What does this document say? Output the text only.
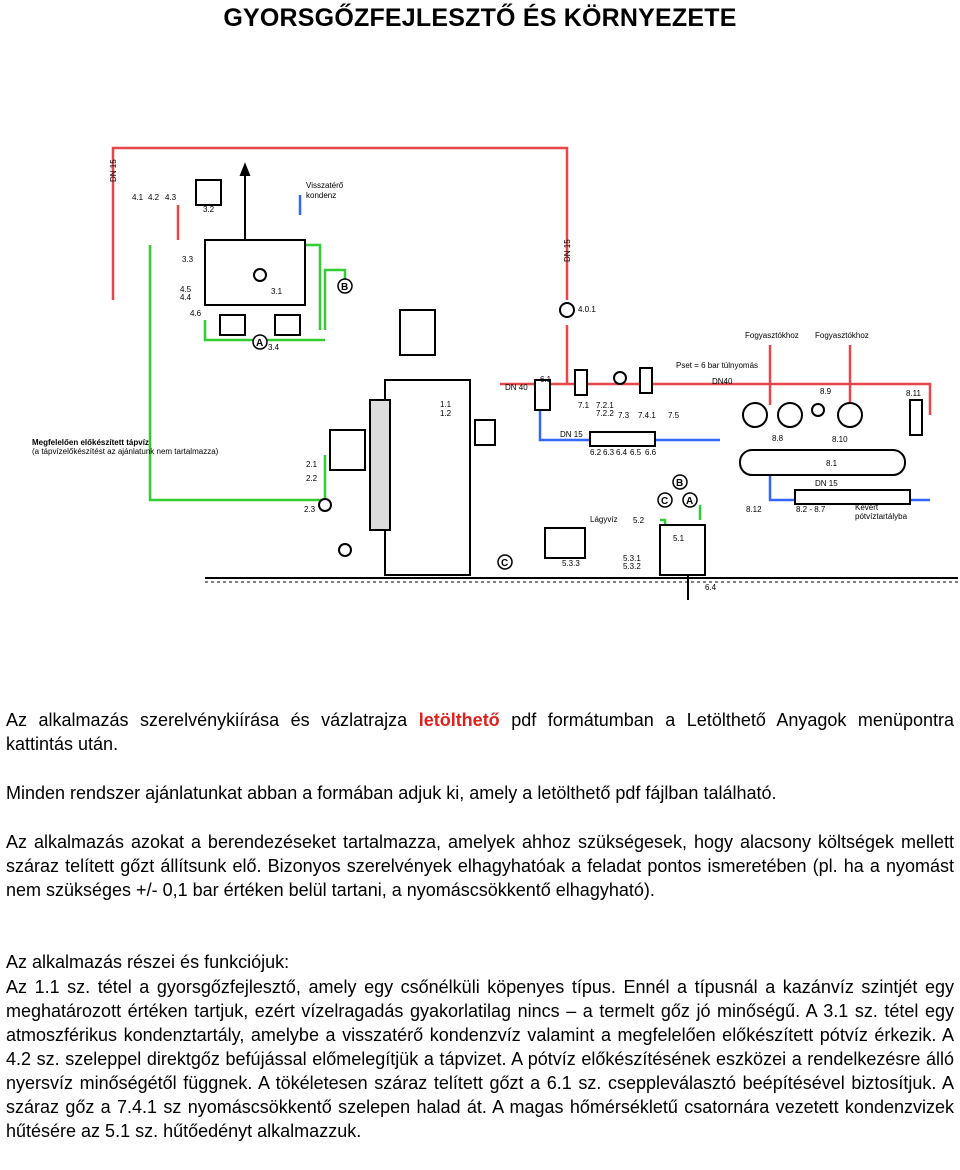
GYORSGŐZFEJLESZTŐ ÉS KÖRNYEZETE
B
A
C
C
B
A
DN 15
DN 15
4.1 4.2 4.3
3.2
3.3
3.1
3.4
4.5
4.4
4.6
Visszatérő
kondenz
4.0.1
Fogyasztókhoz Fogyasztókhoz
Pset = 6 bar túlnyomás
DN 40
DN40
6.1
7.1 7.2.1
7.2.2 7.3 7.4.1 7.5
1.1
1.2
8.9	8.11
8.8	8.10
8.1
DN 15
6.2 6.3 6.4 6.5 6.6
DN 15
8.12	8.2 - 8.7	Kevert
pótvíztartályba
Megfelelően előkészített tápvíz
(a tápvízelőkészítést az ajánlatunk nem tartalmazza)
2.1
2.2
2.3
Lágyvíz 5.2
5.1
5.3.1
5.3.2
5.3.3
6.4
Az alkalmazás szerelvénykiírása és vázlatrajza letölthető pdf formátumban a Letölthető Anyagok menüpontra kattintás után.
Minden rendszer ajánlatunkat abban a formában adjuk ki, amely a letölthető pdf fájlban található.
Az alkalmazás azokat a berendezéseket tartalmazza, amelyek ahhoz szükségesek, hogy alacsony költségek mellett száraz telített gőzt állítsunk elő. Bizonyos szerelvények elhagyhatóak a feladat pontos ismeretében (pl. ha a nyomást nem szükséges +/- 0,1 bar értéken belül tartani, a nyomáscsökkentő elhagyható).
Az alkalmazás részei és funkciójuk:
Az 1.1 sz. tétel a gyorsgőzfejlesztő, amely egy csőnélküli köpenyes típus. Ennél a típusnál a kazánvíz szintjét egy meghatározott értéken tartjuk, ezért vízelragadás gyakorlatilag nincs – a termelt gőz jó minőségű. A 3.1 sz. tétel egy atmoszférikus kondenztartály, amelybe a visszatérő kondenzvíz valamint a megfelelően előkészített pótvíz érkezik. A 4.2 sz. szeleppel direktgőz befújással előmelegítjük a tápvizet. A pótvíz előkészítésének eszközei a rendelkezésre álló nyersvíz minőségétől függnek. A tökéletesen száraz telített gőzt a 6.1 sz. cseppleválasztó beépítésével biztosítjuk. A száraz gőz a 7.4.1 sz nyomáscsökkentő szelepen halad át. A magas hőmérsékletű csatornára vezetett kondenzvizek hűtésére az 5.1 sz. hűtőedényt alkalmazzuk.
